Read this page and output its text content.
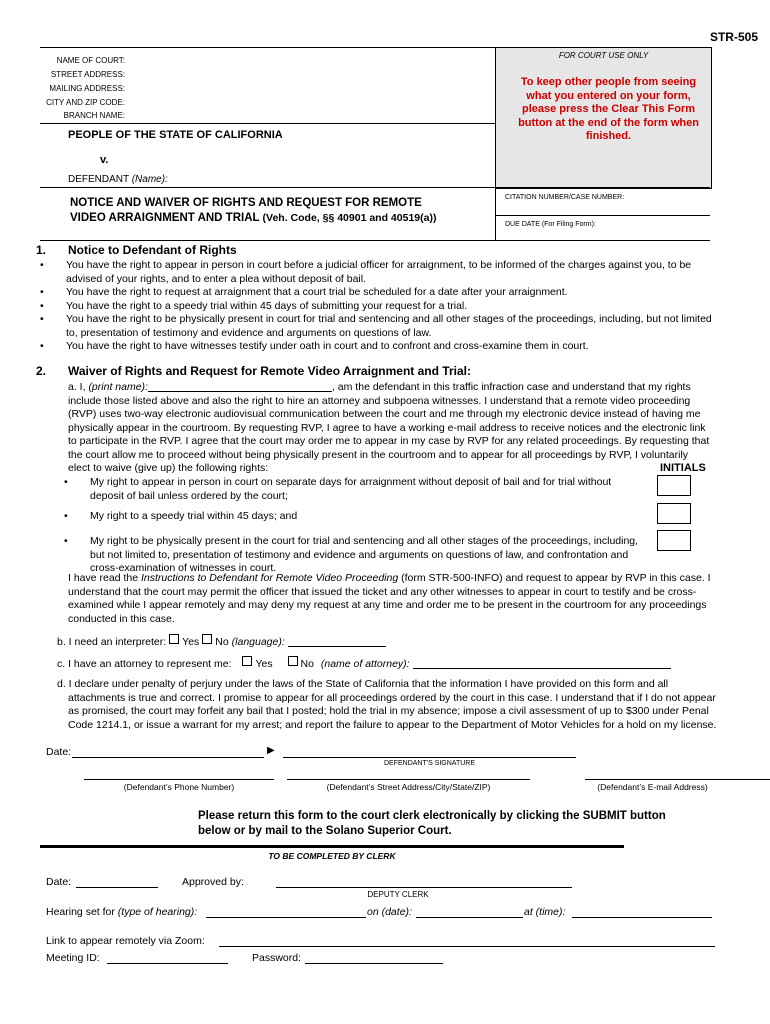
STR-505
NAME OF COURT:
STREET ADDRESS:
MAILING ADDRESS:
CITY AND ZIP CODE:
BRANCH NAME:
FOR COURT USE ONLY
To keep other people from seeing what you entered on your form, please press the Clear This Form button at the end of the form when finished.
PEOPLE OF THE STATE OF CALIFORNIA
v.
DEFENDANT (Name):
NOTICE AND WAIVER OF RIGHTS AND REQUEST FOR REMOTE
VIDEO ARRAIGNMENT AND TRIAL (Veh. Code, §§ 40901 and 40519(a))
CITATION NUMBER/CASE NUMBER:
DUE DATE (For Filing Form):
1. Notice to Defendant of Rights
• You have the right to appear in person in court before a judicial officer for arraignment, to be informed of the charges against you, to be advised of your rights, and to enter a plea without deposit of bail.
• You have the right to request at arraignment that a court trial be scheduled for a date after your arraignment.
• You have the right to a speedy trial within 45 days of submitting your request for a trial.
• You have the right to be physically present in court for trial and sentencing and all other stages of the proceedings, including, but not limited to, presentation of testimony and evidence and arguments on questions of law.
• You have the right to have witnesses testify under oath in court and to confront and cross-examine them in court.
2. Waiver of Rights and Request for Remote Video Arraignment and Trial:
a. I, (print name):	, am the defendant in this traffic infraction case and understand that my rights include those listed above and also the right to hire an attorney and subpoena witnesses. I understand that a remote video proceeding (RVP) uses two-way electronic audiovisual communication between the court and me through my electronic device instead of having me physically appear in the courtroom. By requesting RVP, I agree to have a working e-mail address to receive notices and the electronic link to participate in the RVP. I agree that the court may order me to appear in my case by RVP for any related proceedings. By requesting that the court allow me to proceed without being physically present in the courtroom and to appear for all proceedings by RVP, I voluntarily elect to waive (give up) the following rights:	INITIALS
• My right to appear in person in court on separate days for arraignment without deposit of bail and for trial without deposit of bail unless ordered by the court;
• My right to a speedy trial within 45 days; and
• My right to be physically present in the court for trial and sentencing and all other stages of the proceedings, including, but not limited to, presentation of testimony and evidence and arguments on questions of law, and confrontation and cross-examination of witnesses in court.
I have read the Instructions to Defendant for Remote Video Proceeding (form STR-500-INFO) and request to appear by RVP in this case. I understand that the court may permit the officer that issued the ticket and any other witnesses to appear in court to testify and be cross-examined while I appear remotely and may deny my request at any time and order me to be present in the courtroom for any proceedings conducted in this case.
b. I need an interpreter: Yes No (language):
c. I have an attorney to represent me: Yes	No (name of attorney):
d. I declare under penalty of perjury under the laws of the State of California that the information I have provided on this form and all attachments is true and correct. I promise to appear for all proceedings ordered by the court in this case. I understand that if I do not appear as promised, the court may forfeit any bail that I posted; hold the trial in my absence; impose a civil assessment of up to $300 under Penal Code 1214.1, or issue a warrant for my arrest; and report the failure to appear to the Department of Motor Vehicles for a hold on my license.
Date:	▶
DEFENDANT'S SIGNATURE
(Defendant’s Phone Number)	(Defendant’s Street Address/City/State/ZIP)	(Defendant’s E-mail Address)
Please return this form to the court clerk electronically by clicking the SUBMIT button
below or by mail to the Solano Superior Court.
TO BE COMPLETED BY CLERK
Date:	Approved by:
DEPUTY CLERK
Hearing set for (type of hearing):	on (date):	at (time):
Link to appear remotely via Zoom:
Meeting ID:	Password:
